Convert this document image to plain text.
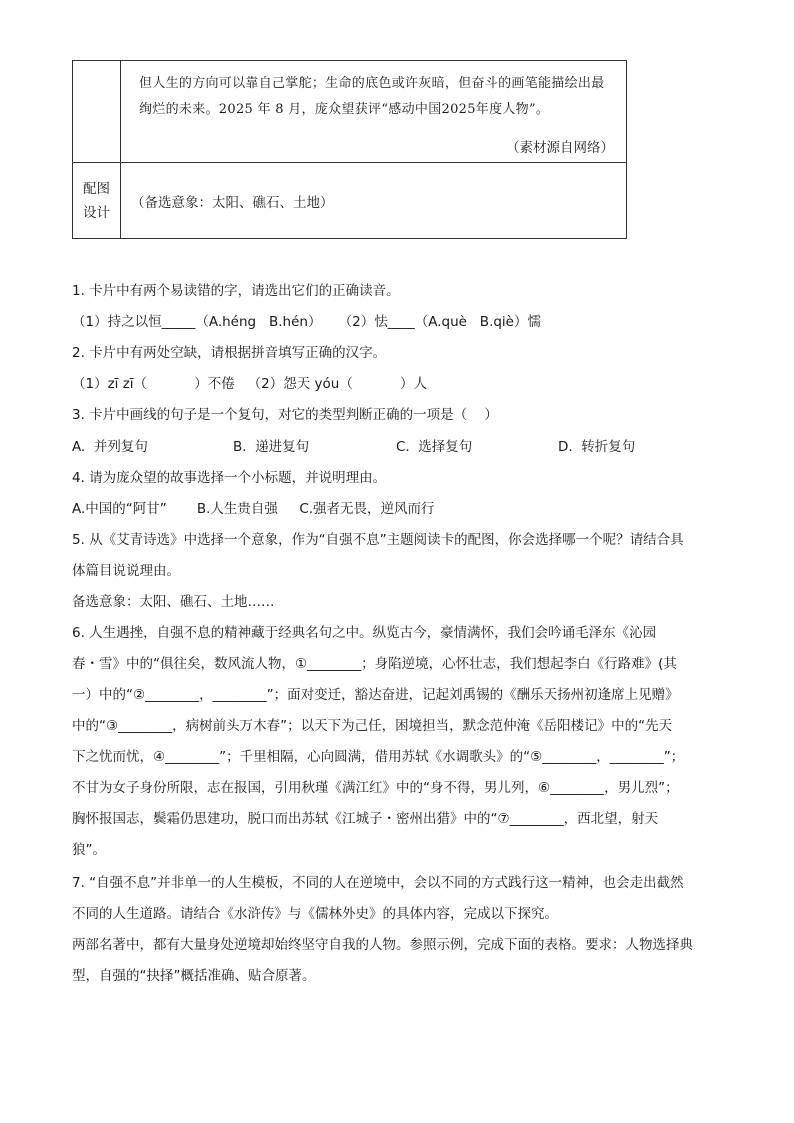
	但人生的方向可以靠自己掌舵；生命的底色或许灰暗，但奋斗的画笔能描绘出最
绚烂的未来。2025 年 8 月，庞众望获评“感动中国2025年度人物”。
（素材源自网络）

配图
设计	（备选意象：太阳、礁石、土地）
1. 卡片中有两个易读错的字，请选出它们的正确读音。
（1）持之以恒_____（A.héng   B.hén）    （2）怯____（A.què   B.qiè）懦
2. 卡片中有两处空缺，请根据拼音填写正确的汉字。
（1）zī zī（           ）不倦   （2）怨天 yóu（           ）人
3. 卡片中画线的句子是一个复句，对它的类型判断正确的一项是（    ）
A.  并列复句	B.  递进复句	C.  选择复句	D.  转折复句
4. 请为庞众望的故事选择一个小标题，并说明理由。
A.中国的“阿甘”       B.人生贵自强     C.强者无畏，逆风而行
5. 从《艾青诗选》中选择一个意象，作为“自强不息”主题阅读卡的配图，你会选择哪一个呢？请结合具
体篇目说说理由。
备选意象：太阳、礁石、土地……
6. 人生遇挫，自强不息的精神藏于经典名句之中。纵览古今，豪情满怀，我们会吟诵毛泽东《沁园
春・雪》中的“俱往矣，数风流人物，①________；身陷逆境，心怀壮志，我们想起李白《行路难》(其
一）中的“②________，________”；面对变迁，豁达奋进，记起刘禹锡的《酬乐天扬州初逢席上见赠》
中的“③________，病树前头万木春”；以天下为己任，困境担当，默念范仲淹《岳阳楼记》中的“先天
下之忧而忧，④________”；千里相隔，心向圆满，借用苏轼《水调歌头》的“⑤________，________”；
不甘为女子身份所限，志在报国，引用秋瑾《满江红》中的“身不得，男儿列，⑥________，男儿烈”；
胸怀报国志，鬓霜仍思建功，脱口而出苏轼《江城子・密州出猎》中的“⑦________，西北望，射天
狼”。
7. “自强不息”并非单一的人生模板，不同的人在逆境中，会以不同的方式践行这一精神，也会走出截然
不同的人生道路。请结合《水浒传》与《儒林外史》的具体内容，完成以下探究。
两部名著中，都有大量身处逆境却始终坚守自我的人物。参照示例，完成下面的表格。要求：人物选择典
型，自强的“抉择”概括准确、贴合原著。
